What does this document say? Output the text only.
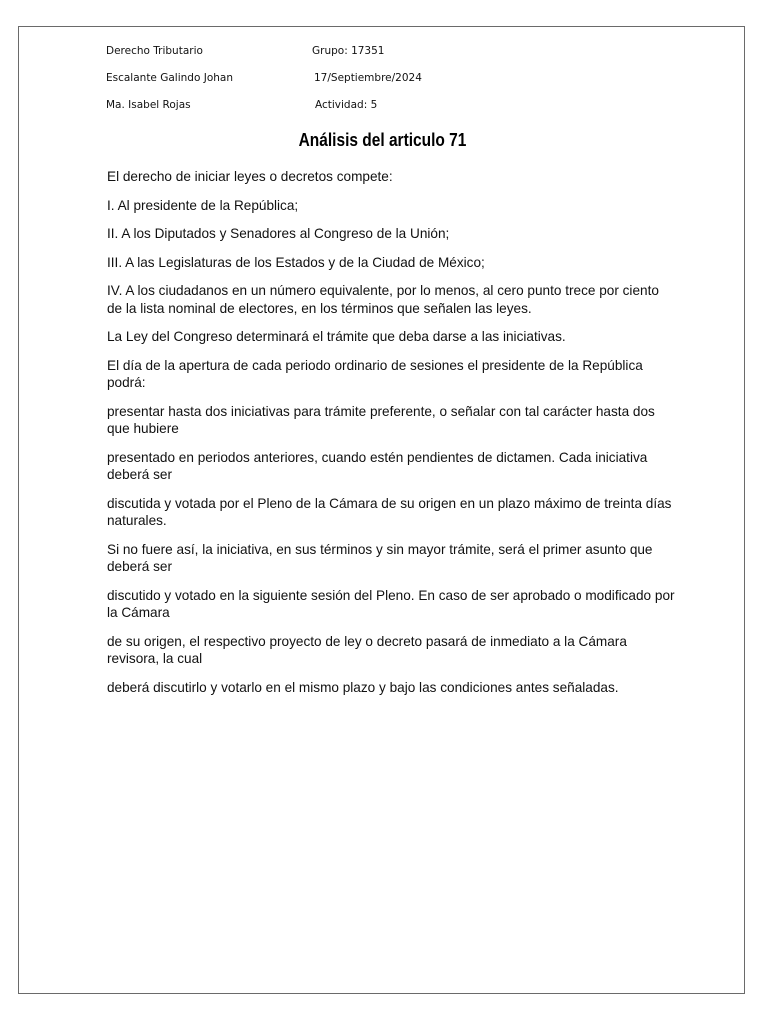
Derecho Tributario	Grupo: 17351
Escalante Galindo Johan	17/Septiembre/2024
Ma. Isabel Rojas	Actividad: 5
Análisis del articulo 71

El derecho de iniciar leyes o decretos compete:

I. Al presidente de la República;

II. A los Diputados y Senadores al Congreso de la Unión;

III. A las Legislaturas de los Estados y de la Ciudad de México;

IV. A los ciudadanos en un número equivalente, por lo menos, al cero punto trece por ciento de la lista nominal de electores, en los términos que señalen las leyes.

La Ley del Congreso determinará el trámite que deba darse a las iniciativas.

El día de la apertura de cada periodo ordinario de sesiones el presidente de la República podrá:

presentar hasta dos iniciativas para trámite preferente, o señalar con tal carácter hasta dos que hubiere

presentado en periodos anteriores, cuando estén pendientes de dictamen. Cada iniciativa deberá ser

discutida y votada por el Pleno de la Cámara de su origen en un plazo máximo de treinta días naturales.

Si no fuere así, la iniciativa, en sus términos y sin mayor trámite, será el primer asunto que deberá ser

discutido y votado en la siguiente sesión del Pleno. En caso de ser aprobado o modificado por la Cámara

de su origen, el respectivo proyecto de ley o decreto pasará de inmediato a la Cámara revisora, la cual

deberá discutirlo y votarlo en el mismo plazo y bajo las condiciones antes señaladas.
